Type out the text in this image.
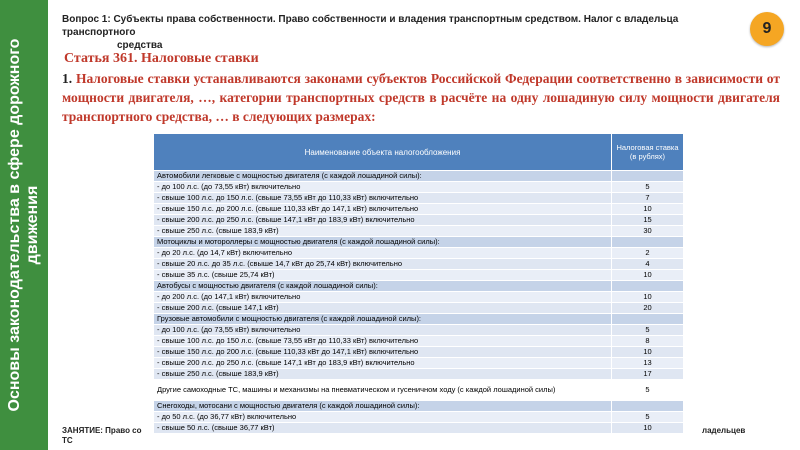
Основы законодательства в сфере дорожного движения
Вопрос 1: Субъекты права собственности. Право собственности и владения транспортным средством. Налог с владельца транспортного
средства
9
Статья 361. Налоговые ставки
1. Налоговые ставки устанавливаются законами субъектов Российской Федерации соответственно в зависимости от мощности двигателя, …, категории транспортных средств в расчёте на одну лошадиную силу мощности двигателя транспортного средства, … в следующих размерах:
Наименование объекта налогообложения	Налоговая ставка (в рублях)
Автомобили легковые с мощностью двигателя (с каждой лошадиной силы):	
- до 100 л.с. (до 73,55 кВт) включительно	5
- свыше 100 л.с. до 150 л.с. (свыше 73,55 кВт до 110,33 кВт) включительно	7
- свыше 150 л.с. до 200 л.с. (свыше 110,33 кВт до 147,1 кВт) включительно	10
- свыше 200 л.с. до 250 л.с. (свыше 147,1 кВт до 183,9 кВт) включительно	15
- свыше 250 л.с. (свыше 183,9 кВт)	30
Мотоциклы и мотороллеры с мощностью двигателя (с каждой лошадиной силы):	
- до 20 л.с. (до 14,7 кВт) включительно	2
- свыше 20 л.с. до 35 л.с. (свыше 14,7 кВт до 25,74 кВт) включительно	4
- свыше 35 л.с. (свыше 25,74 кВт)	10
Автобусы с мощностью двигателя (с каждой лошадиной силы):	
- до 200 л.с. (до 147,1 кВт) включительно	10
- свыше 200 л.с. (свыше 147,1 кВт)	20
Грузовые автомобили с мощностью двигателя (с каждой лошадиной силы):	
- до 100 л.с. (до 73,55 кВт) включительно	5
- свыше 100 л.с. до 150 л.с. (свыше 73,55 кВт до 110,33 кВт) включительно	8
- свыше 150 л.с. до 200 л.с. (свыше 110,33 кВт до 147,1 кВт) включительно	10
- свыше 200 л.с. до 250 л.с. (свыше 147,1 кВт до 183,9 кВт) включительно	13
- свыше 250 л.с. (свыше 183,9 кВт)	17
Другие самоходные ТС, машины и механизмы на пневматическом и гусеничном ходу (с каждой лошадиной силы)	5
Снегоходы, мотосани с мощностью двигателя (с каждой лошадиной силы):	
- до 50 л.с. (до 36,77 кВт) включительно	5
- свыше 50 л.с. (свыше 36,77 кВт)	10
ЗАНЯТИЕ: Право со	ладельцев
ТС
